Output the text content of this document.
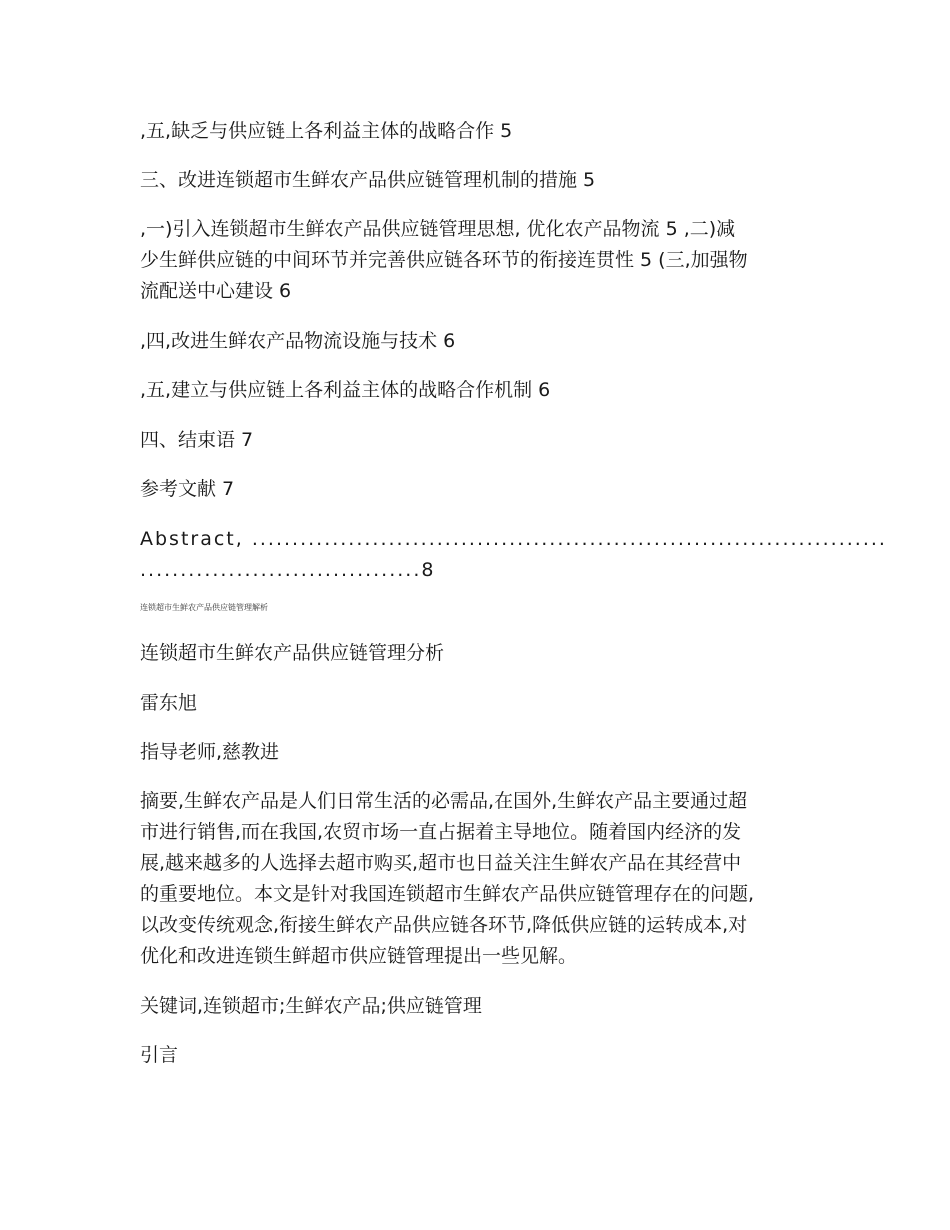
,五,缺乏与供应链上各利益主体的战略合作 5

三、改进连锁超市生鲜农产品供应链管理机制的措施 5

,一)引入连锁超市生鲜农产品供应链管理思想, 优化农产品物流 5 ,二)减
少生鲜供应链的中间环节并完善供应链各环节的衔接连贯性 5 (三,加强物
流配送中心建设 6

,四,改进生鲜农产品物流设施与技术 6

,五,建立与供应链上各利益主体的战略合作机制 6

四、结束语 7

参考文献 7

Abstract, ...............................................................................
...................................8
连锁超市生鲜农产品供应链管理解析

连锁超市生鲜农产品供应链管理分析

雷东旭

指导老师,慈教进

摘要,生鲜农产品是人们日常生活的必需品,在国外,生鲜农产品主要通过超
市进行销售,而在我国,农贸市场一直占据着主导地位。随着国内经济的发
展,越来越多的人选择去超市购买,超市也日益关注生鲜农产品在其经营中
的重要地位。本文是针对我国连锁超市生鲜农产品供应链管理存在的问题,
以改变传统观念,衔接生鲜农产品供应链各环节,降低供应链的运转成本,对
优化和改进连锁生鲜超市供应链管理提出一些见解。

关键词,连锁超市;生鲜农产品;供应链管理

引言
